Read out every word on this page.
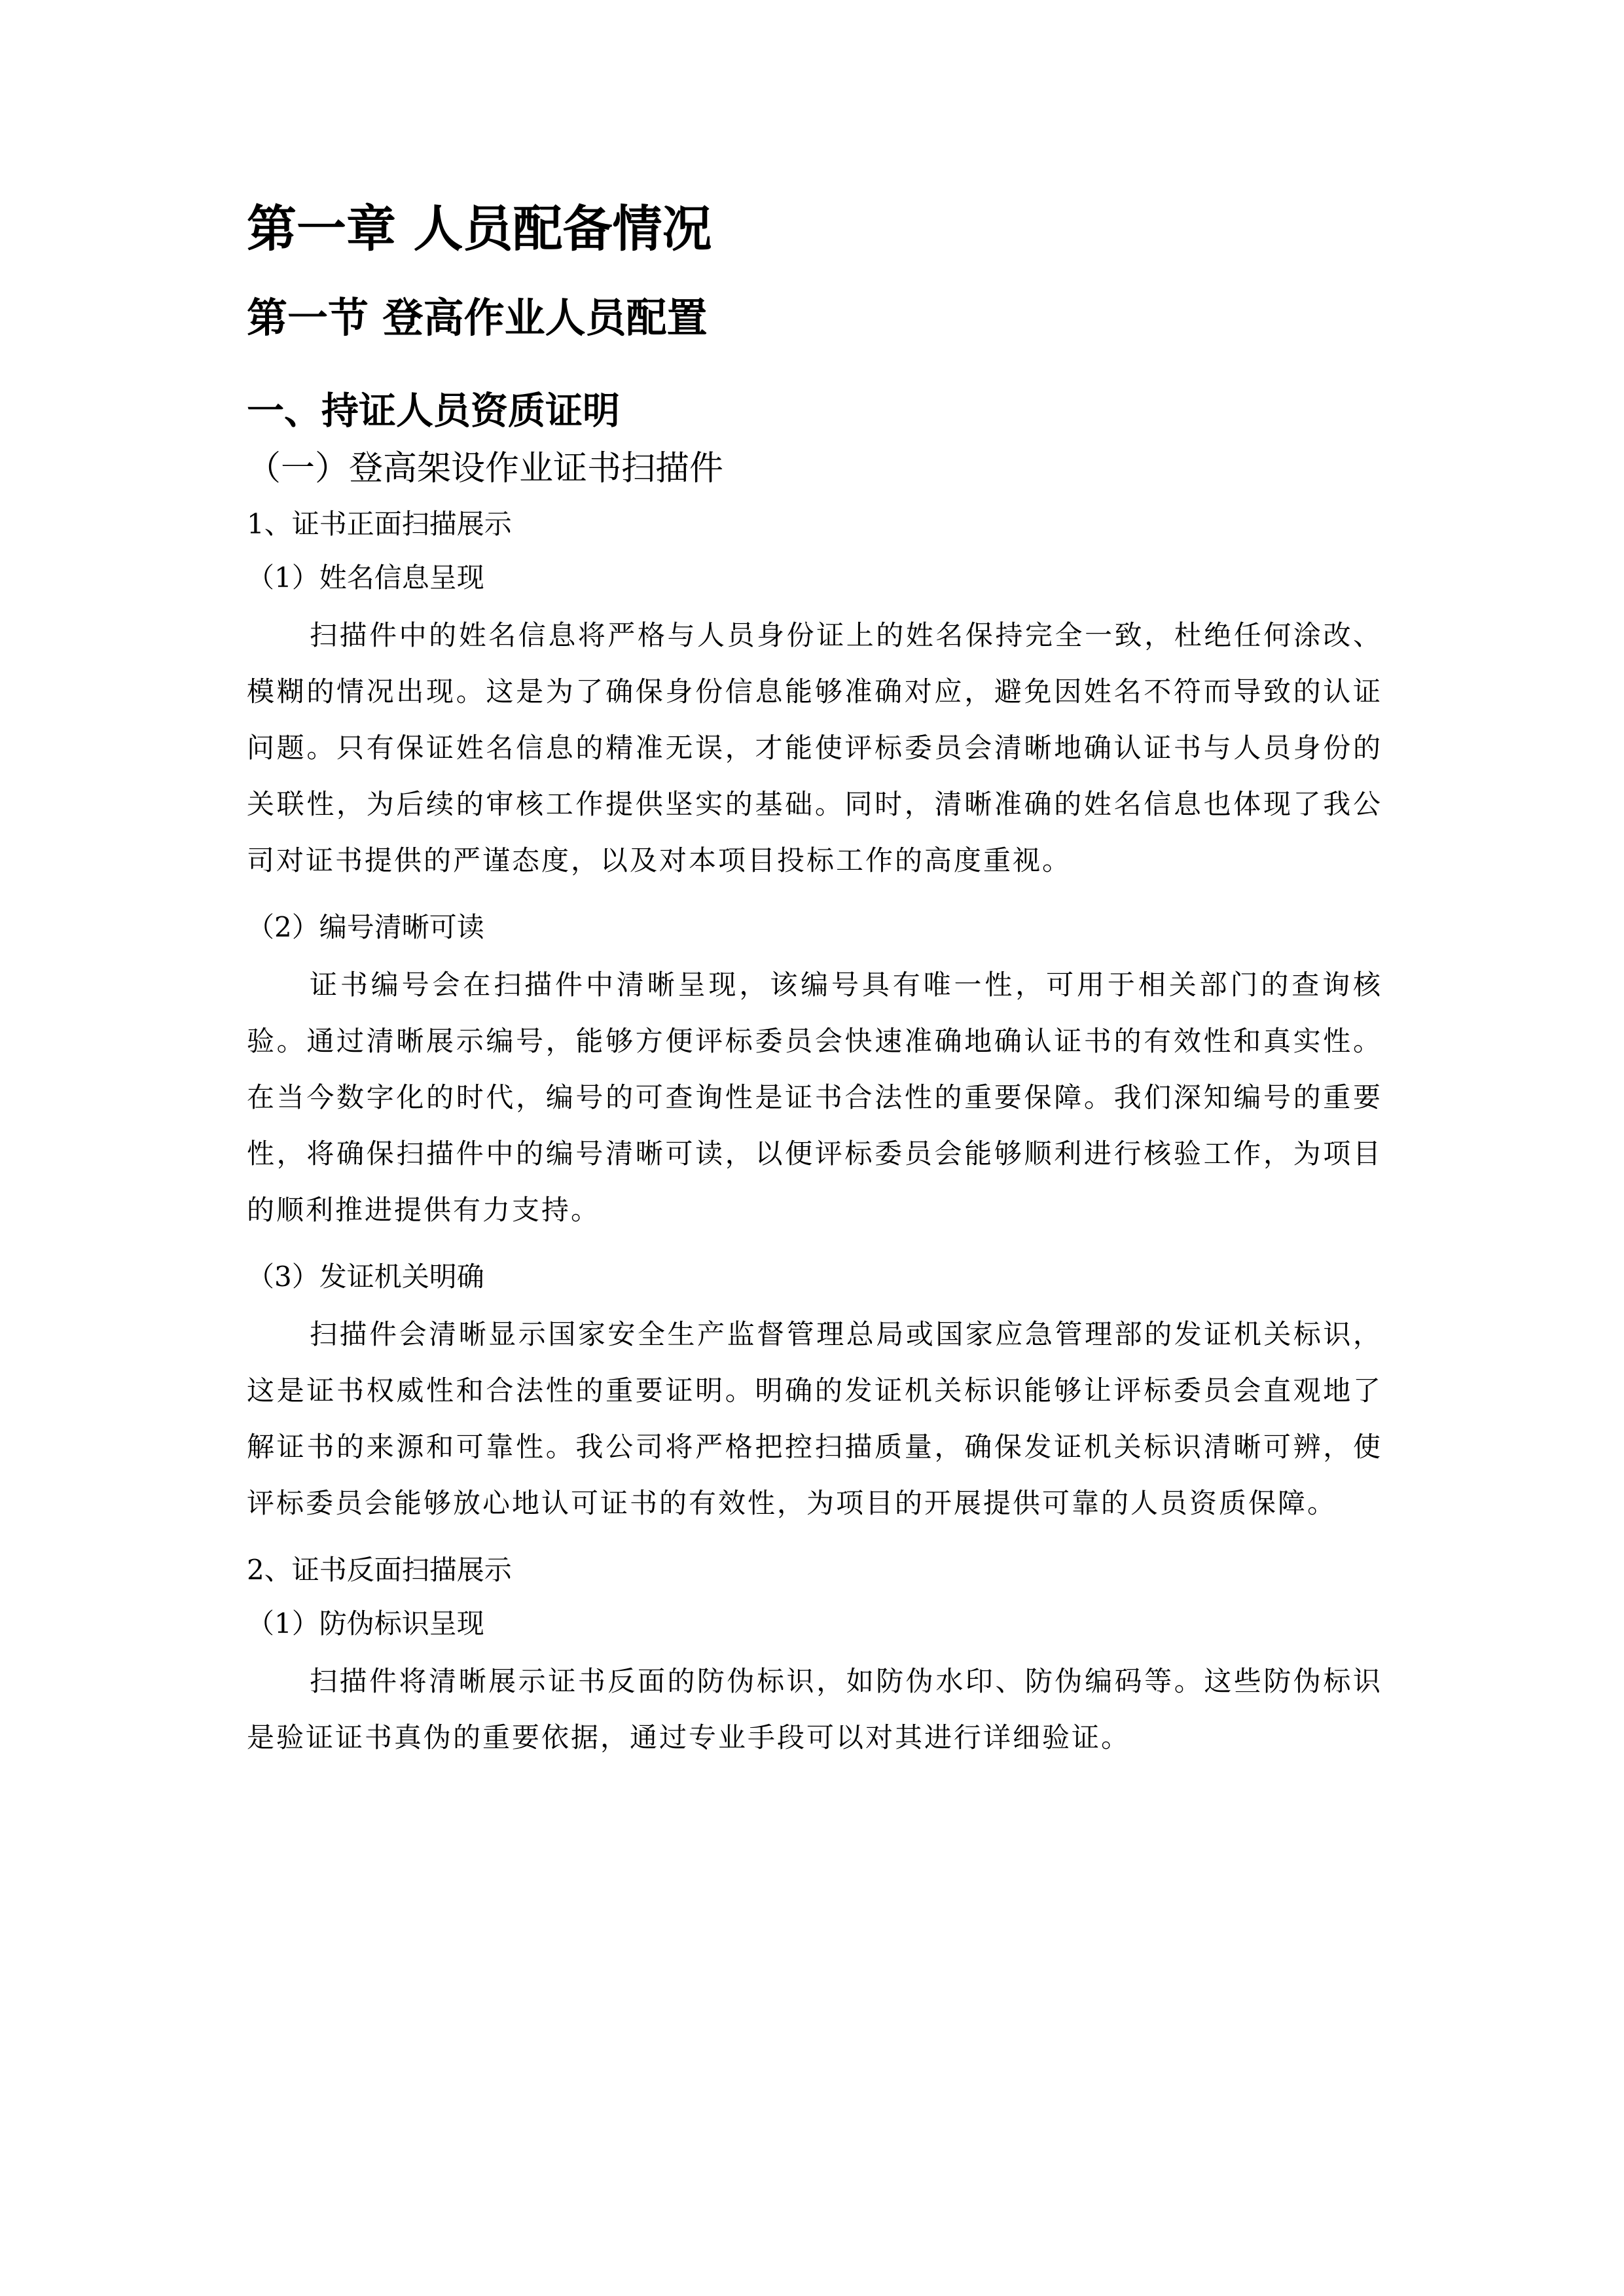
第一章 人员配备情况
第一节 登高作业人员配置
一、持证人员资质证明
（一）登高架设作业证书扫描件
1、证书正面扫描展示
（1）姓名信息呈现

扫描件中的姓名信息将严格与人员身份证上的姓名保持完全一致，杜绝任何涂改、模糊的情况出现。这是为了确保身份信息能够准确对应，避免因姓名不符而导致的认证问题。只有保证姓名信息的精准无误，才能使评标委员会清晰地确认证书与人员身份的关联性，为后续的审核工作提供坚实的基础。同时，清晰准确的姓名信息也体现了我公司对证书提供的严谨态度，以及对本项目投标工作的高度重视。

（2）编号清晰可读

证书编号会在扫描件中清晰呈现，该编号具有唯一性，可用于相关部门的查询核验。通过清晰展示编号，能够方便评标委员会快速准确地确认证书的有效性和真实性。在当今数字化的时代，编号的可查询性是证书合法性的重要保障。我们深知编号的重要性，将确保扫描件中的编号清晰可读，以便评标委员会能够顺利进行核验工作，为项目的顺利推进提供有力支持。

（3）发证机关明确

扫描件会清晰显示国家安全生产监督管理总局或国家应急管理部的发证机关标识，这是证书权威性和合法性的重要证明。明确的发证机关标识能够让评标委员会直观地了解证书的来源和可靠性。我公司将严格把控扫描质量，确保发证机关标识清晰可辨，使评标委员会能够放心地认可证书的有效性，为项目的开展提供可靠的人员资质保障。

2、证书反面扫描展示
（1）防伪标识呈现

扫描件将清晰展示证书反面的防伪标识，如防伪水印、防伪编码等。这些防伪标识是验证证书真伪的重要依据，通过专业手段可以对其进行详细验证。
